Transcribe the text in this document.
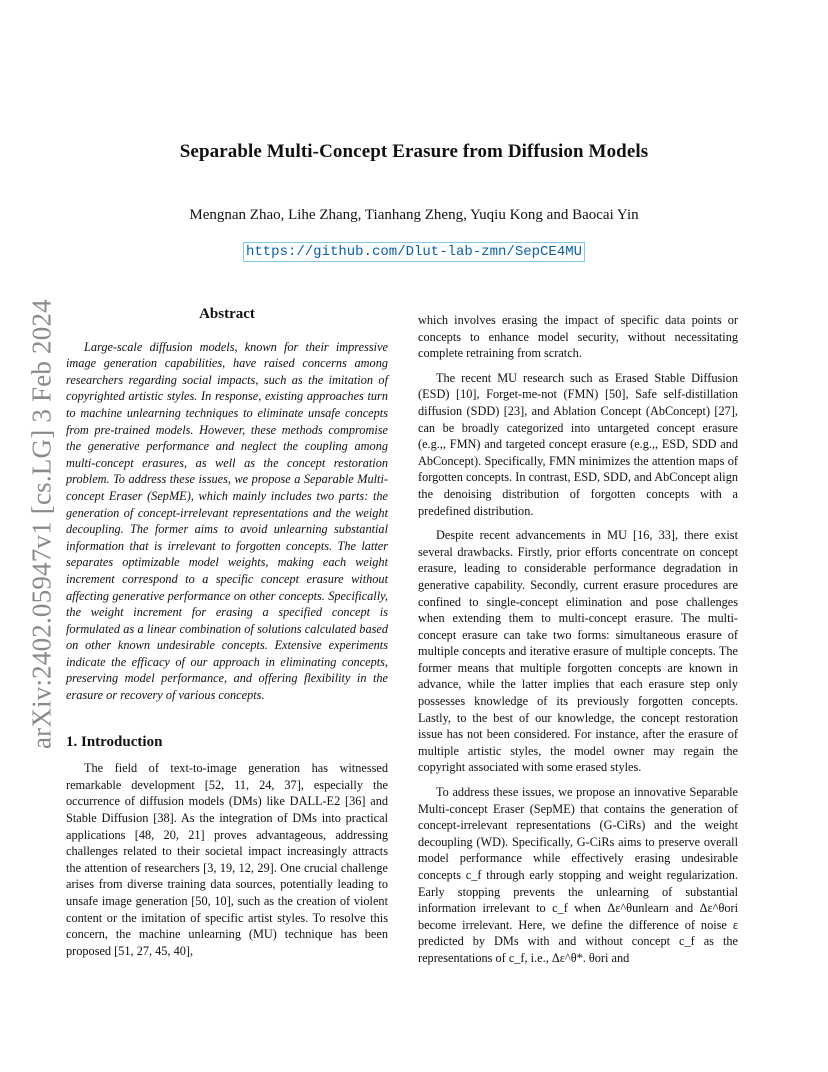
arXiv:2402.05947v1 [cs.LG] 3 Feb 2024
Separable Multi-Concept Erasure from Diffusion Models
Mengnan Zhao, Lihe Zhang, Tianhang Zheng, Yuqiu Kong and Baocai Yin
https://github.com/Dlut-lab-zmn/SepCE4MU
Abstract

Large-scale diffusion models, known for their impressive image generation capabilities, have raised concerns among researchers regarding social impacts, such as the imitation of copyrighted artistic styles. In response, existing approaches turn to machine unlearning techniques to eliminate unsafe concepts from pre-trained models. However, these methods compromise the generative performance and neglect the coupling among multi-concept erasures, as well as the concept restoration problem. To address these issues, we propose a Separable Multi-concept Eraser (SepME), which mainly includes two parts: the generation of concept-irrelevant representations and the weight decoupling. The former aims to avoid unlearning substantial information that is irrelevant to forgotten concepts. The latter separates optimizable model weights, making each weight increment correspond to a specific concept erasure without affecting generative performance on other concepts. Specifically, the weight increment for erasing a specified concept is formulated as a linear combination of solutions calculated based on other known undesirable concepts. Extensive experiments indicate the efficacy of our approach in eliminating concepts, preserving model performance, and offering flexibility in the erasure or recovery of various concepts.

1. Introduction

The field of text-to-image generation has witnessed remarkable development [52, 11, 24, 37], especially the occurrence of diffusion models (DMs) like DALL-E2 [36] and Stable Diffusion [38]. As the integration of DMs into practical applications [48, 20, 21] proves advantageous, addressing challenges related to their societal impact increasingly attracts the attention of researchers [3, 19, 12, 29]. One crucial challenge arises from diverse training data sources, potentially leading to unsafe image generation [50, 10], such as the creation of violent content or the imitation of specific artist styles. To resolve this concern, the machine unlearning (MU) technique has been proposed [51, 27, 45, 40],

which involves erasing the impact of specific data points or concepts to enhance model security, without necessitating complete retraining from scratch.

The recent MU research such as Erased Stable Diffusion (ESD) [10], Forget-me-not (FMN) [50], Safe self-distillation diffusion (SDD) [23], and Ablation Concept (AbConcept) [27], can be broadly categorized into untargeted concept erasure (e.g.,, FMN) and targeted concept erasure (e.g.,, ESD, SDD and AbConcept). Specifically, FMN minimizes the attention maps of forgotten concepts. In contrast, ESD, SDD, and AbConcept align the denoising distribution of forgotten concepts with a predefined distribution.

Despite recent advancements in MU [16, 33], there exist several drawbacks. Firstly, prior efforts concentrate on concept erasure, leading to considerable performance degradation in generative capability. Secondly, current erasure procedures are confined to single-concept elimination and pose challenges when extending them to multi-concept erasure. The multi-concept erasure can take two forms: simultaneous erasure of multiple concepts and iterative erasure of multiple concepts. The former means that multiple forgotten concepts are known in advance, while the latter implies that each erasure step only possesses knowledge of its previously forgotten concepts. Lastly, to the best of our knowledge, the concept restoration issue has not been considered. For instance, after the erasure of multiple artistic styles, the model owner may regain the copyright associated with some erased styles.

To address these issues, we propose an innovative Separable Multi-concept Eraser (SepME) that contains the generation of concept-irrelevant representations (G-CiRs) and the weight decoupling (WD). Specifically, G-CiRs aims to preserve overall model performance while effectively erasing undesirable concepts c_f through early stopping and weight regularization. Early stopping prevents the unlearning of substantial information irrelevant to c_f when Δε^θunlearn and Δε^θori become irrelevant. Here, we define the difference of noise ε predicted by DMs with and without concept c_f as the representations of c_f, i.e., Δε^θ*. θori and
